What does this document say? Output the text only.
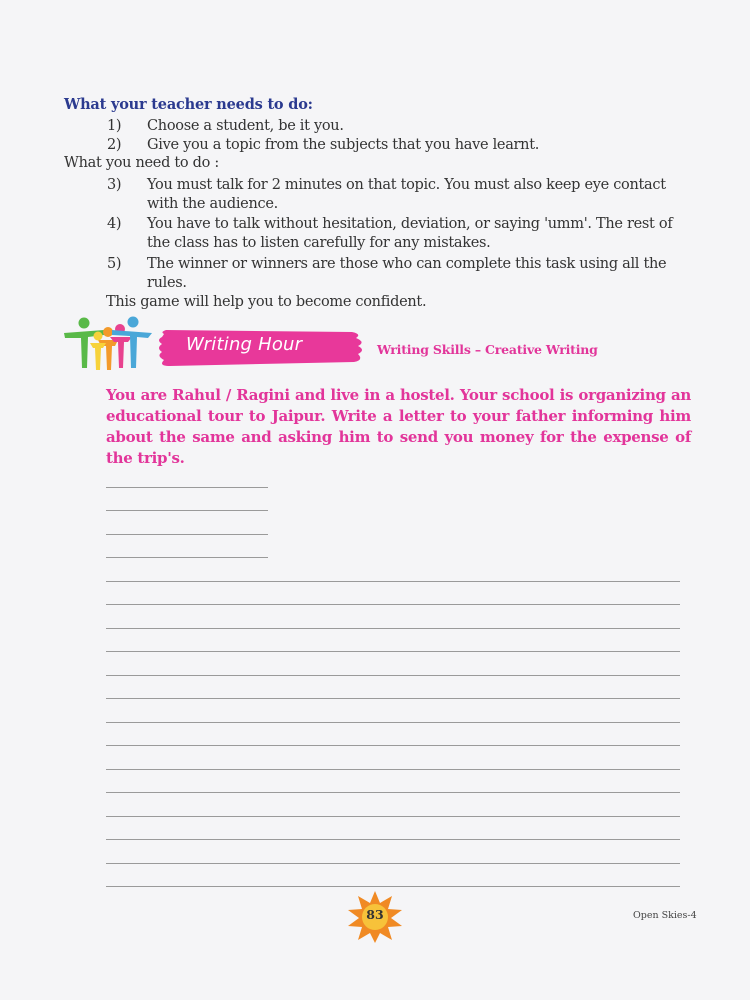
What your teacher needs to do:
1)	Choose a student, be it you.
2)	Give you a topic from the subjects that you have learnt.
What you need to do :
3)	You must talk for 2 minutes on that topic. You must also keep eye contact
with the audience.
4)	You have to talk without hesitation, deviation, or saying 'umm'. The rest of
the class has to listen carefully for any mistakes.
5)	The winner or winners are those who can complete this task using all the
rules.
This game will help you to become confident.
Writing Hour	Writing Skills – Creative Writing
You are Rahul / Ragini and live in a hostel. Your school is organizing an educational tour to Jaipur. Write a letter to your father informing him about the same and asking him to send you money for the expense of the trip's.
83	Open Skies-4
